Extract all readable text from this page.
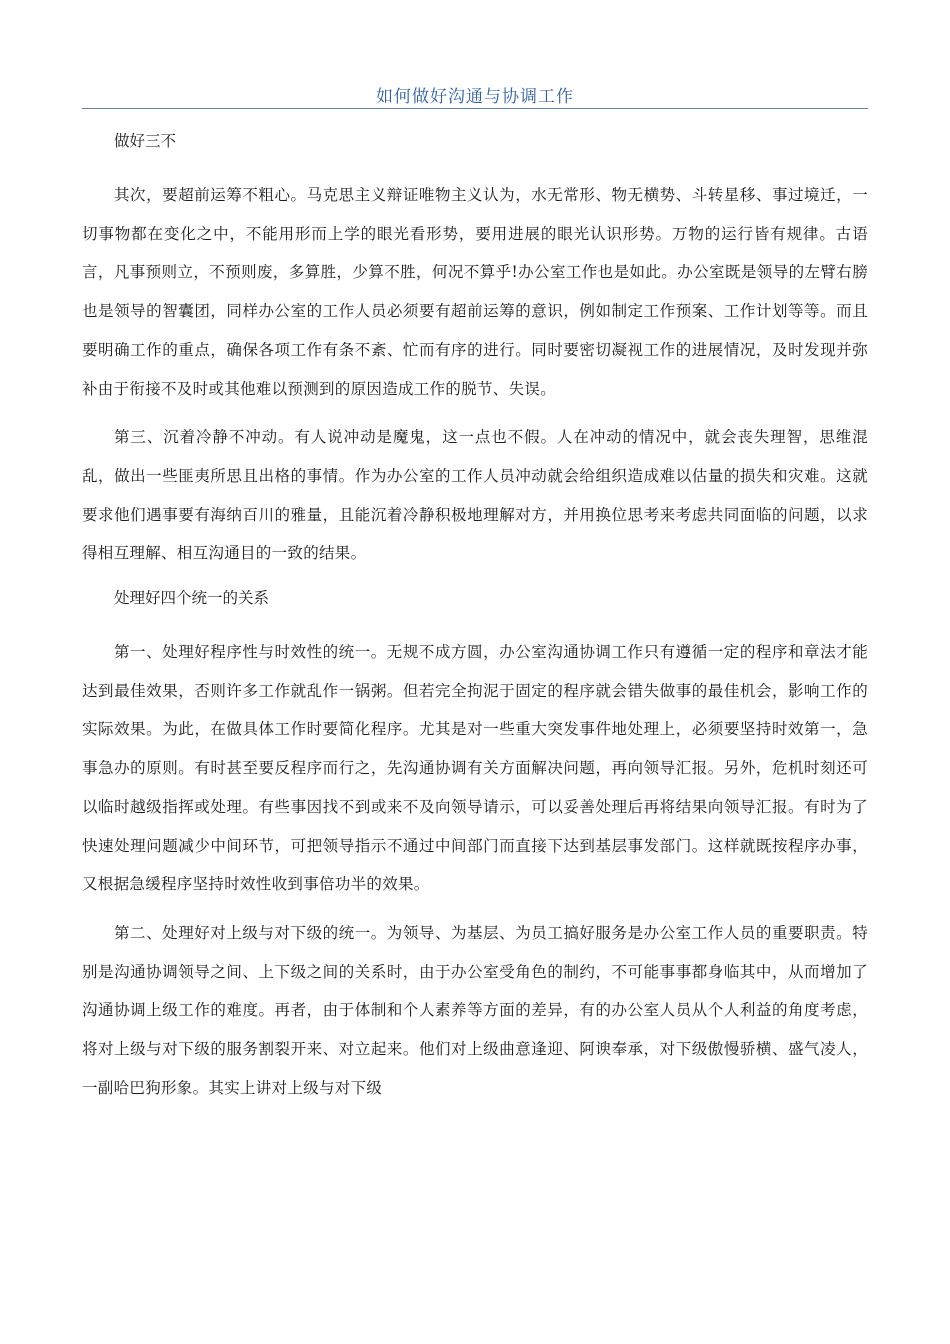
如何做好沟通与协调工作

做好三不

其次，要超前运筹不粗心。马克思主义辩证唯物主义认为，水无常形、物无横势、斗转星移、事过境迁，一切事物都在变化之中，不能用形而上学的眼光看形势，要用进展的眼光认识形势。万物的运行皆有规律。古语言，凡事预则立，不预则废，多算胜，少算不胜，何况不算乎!办公室工作也是如此。办公室既是领导的左臂右膀也是领导的智囊团，同样办公室的工作人员必须要有超前运筹的意识，例如制定工作预案、工作计划等等。而且要明确工作的重点，确保各项工作有条不紊、忙而有序的进行。同时要密切凝视工作的进展情况，及时发现并弥补由于衔接不及时或其他难以预测到的原因造成工作的脱节、失误。

第三、沉着冷静不冲动。有人说冲动是魔鬼，这一点也不假。人在冲动的情况中，就会丧失理智，思维混乱，做出一些匪夷所思且出格的事情。作为办公室的工作人员冲动就会给组织造成难以估量的损失和灾难。这就要求他们遇事要有海纳百川的雅量，且能沉着冷静积极地理解对方，并用换位思考来考虑共同面临的问题，以求得相互理解、相互沟通目的一致的结果。

处理好四个统一的关系

第一、处理好程序性与时效性的统一。无规不成方圆，办公室沟通协调工作只有遵循一定的程序和章法才能达到最佳效果，否则许多工作就乱作一锅粥。但若完全拘泥于固定的程序就会错失做事的最佳机会，影响工作的实际效果。为此，在做具体工作时要简化程序。尤其是对一些重大突发事件地处理上，必须要坚持时效第一，急事急办的原则。有时甚至要反程序而行之，先沟通协调有关方面解决问题，再向领导汇报。另外，危机时刻还可以临时越级指挥或处理。有些事因找不到或来不及向领导请示，可以妥善处理后再将结果向领导汇报。有时为了快速处理问题减少中间环节，可把领导指示不通过中间部门而直接下达到基层事发部门。这样就既按程序办事，又根据急缓程序坚持时效性收到事倍功半的效果。

第二、处理好对上级与对下级的统一。为领导、为基层、为员工搞好服务是办公室工作人员的重要职责。特别是沟通协调领导之间、上下级之间的关系时，由于办公室受角色的制约，不可能事事都身临其中，从而增加了沟通协调上级工作的难度。再者，由于体制和个人素养等方面的差异，有的办公室人员从个人利益的角度考虑，将对上级与对下级的服务割裂开来、对立起来。他们对上级曲意逢迎、阿谀奉承，对下级傲慢骄横、盛气凌人，一副哈巴狗形象。其实上讲对上级与对下级
